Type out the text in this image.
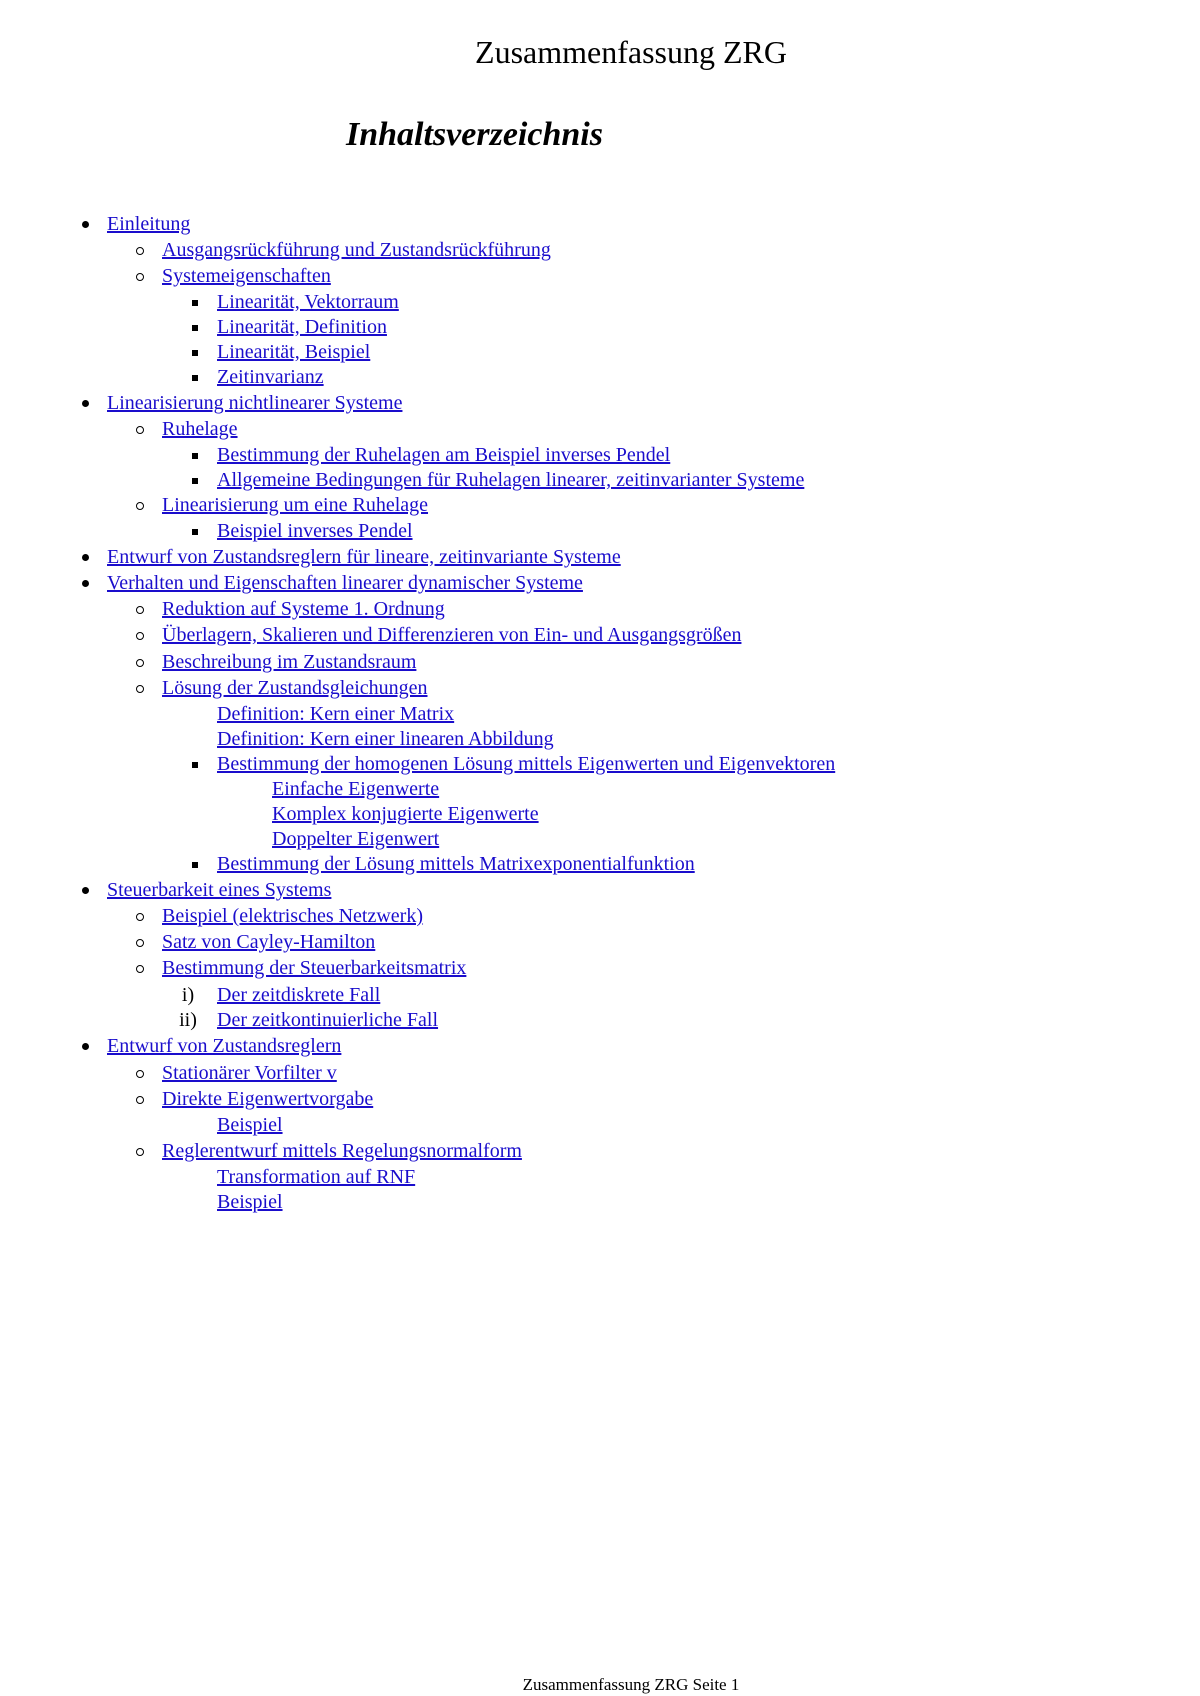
Zusammenfassung ZRG
Inhaltsverzeichnis
Einleitung
Ausgangsrückführung und Zustandsrückführung
Systemeigenschaften
Linearität, Vektorraum
Linearität, Definition
Linearität, Beispiel
Zeitinvarianz
Linearisierung nichtlinearer Systeme
Ruhelage
Bestimmung der Ruhelagen am Beispiel inverses Pendel
Allgemeine Bedingungen für Ruhelagen linearer, zeitinvarianter Systeme
Linearisierung um eine Ruhelage
Beispiel inverses Pendel
Entwurf von Zustandsreglern für lineare, zeitinvariante Systeme
Verhalten und Eigenschaften linearer dynamischer Systeme
Reduktion auf Systeme 1. Ordnung
Überlagern, Skalieren und Differenzieren von Ein- und Ausgangsgrößen
Beschreibung im Zustandsraum
Lösung der Zustandsgleichungen
Definition: Kern einer Matrix
Definition: Kern einer linearen Abbildung
Bestimmung der homogenen Lösung mittels Eigenwerten und Eigenvektoren
Einfache Eigenwerte
Komplex konjugierte Eigenwerte
Doppelter Eigenwert
Bestimmung der Lösung mittels Matrixexponentialfunktion
Steuerbarkeit eines Systems
Beispiel (elektrisches Netzwerk)
Satz von Cayley-Hamilton
Bestimmung der Steuerbarkeitsmatrix
i) Der zeitdiskrete Fall
ii) Der zeitkontinuierliche Fall
Entwurf von Zustandsreglern
Stationärer Vorfilter v
Direkte Eigenwertvorgabe
Beispiel
Reglerentwurf mittels Regelungsnormalform
Transformation auf RNF
Beispiel
Zusammenfassung ZRG Seite 1
